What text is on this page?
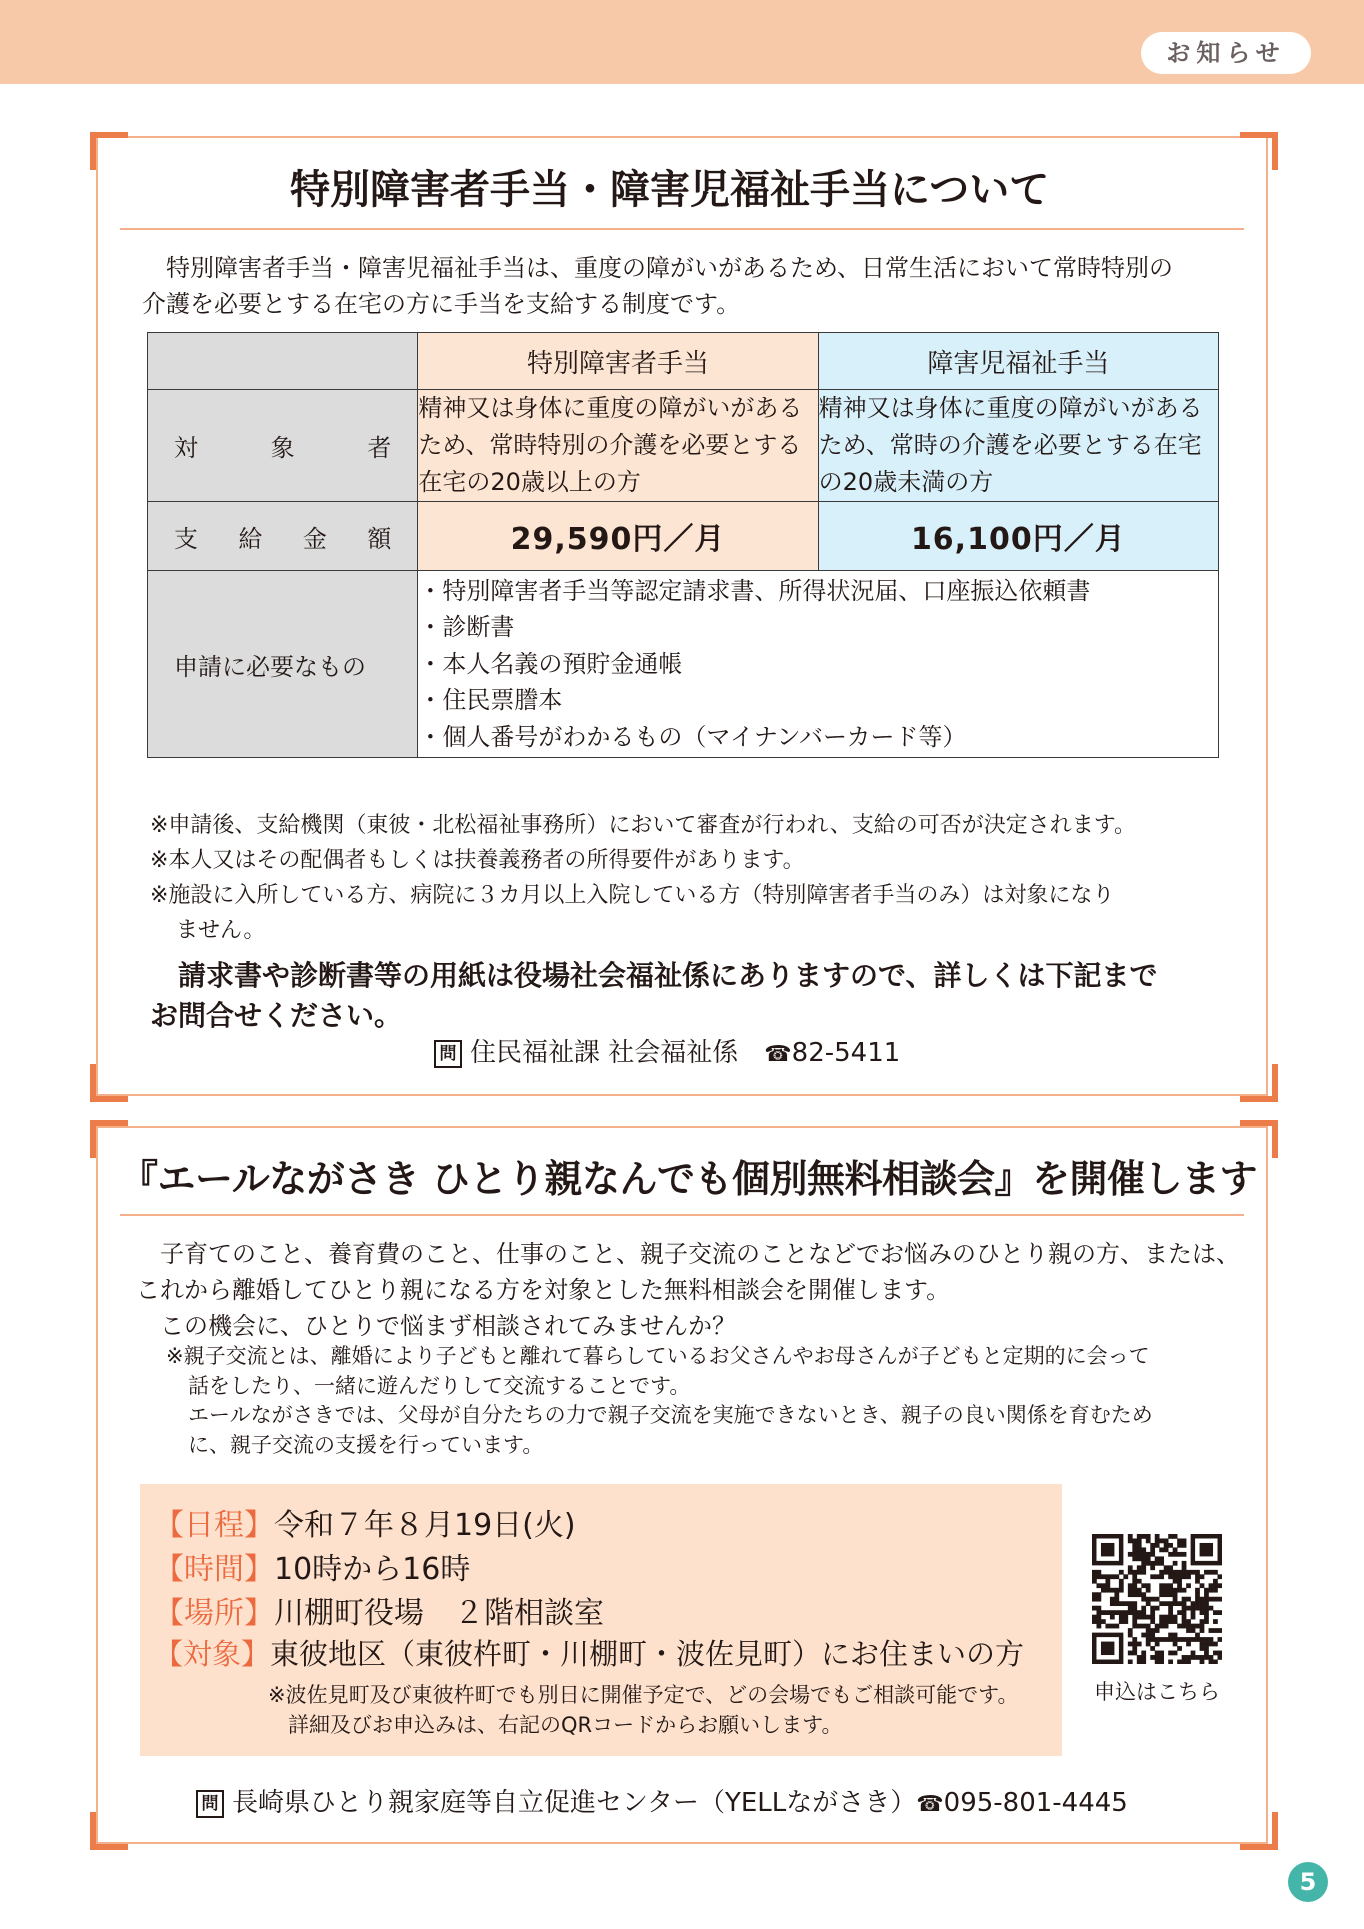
お知らせ
特別障害者手当・障害児福祉手当について
　特別障害者手当・障害児福祉手当は、重度の障がいがあるため、日常生活において常時特別の
介護を必要とする在宅の方に手当を支給する制度です。
	特別障害者手当	障害児福祉手当

対 象 者	精神又は身体に重度の障がいがあるため、常時特別の介護を必要とする在宅の20歳以上の方	精神又は身体に重度の障がいがあるため、常時の介護を必要とする在宅の20歳未満の方

支 給 金 額	29,590円／月	16,100円／月
申請に必要なもの	・特別障害者手当等認定請求書、所得状況届、口座振込依頼書
・診断書
・本人名義の預貯金通帳
・住民票謄本
・個人番号がわかるもの（マイナンバーカード等）	
※申請後、支給機関（東彼・北松福祉事務所）において審査が行われ、支給の可否が決定されます。
※本人又はその配偶者もしくは扶養義務者の所得要件があります。
※施設に入所している方、病院に３カ月以上入院している方（特別障害者手当のみ）は対象になり
ません。
　請求書や診断書等の用紙は役場社会福祉係にありますので、詳しくは下記まで
お問合せください。
問 住民福祉課 社会福祉係　☎82-5411
『エールながさき ひとり親なんでも個別無料相談会』を開催します
　子育てのこと、養育費のこと、仕事のこと、親子交流のことなどでお悩みのひとり親の方、または、
これから離婚してひとり親になる方を対象とした無料相談会を開催します。
　この機会に、ひとりで悩まず相談されてみませんか？
※親子交流とは、離婚により子どもと離れて暮らしているお父さんやお母さんが子どもと定期的に会って
話をしたり、一緒に遊んだりして交流することです。
エールながさきでは、父母が自分たちの力で親子交流を実施できないとき、親子の良い関係を育むため
に、親子交流の支援を行っています。
【日程】令和７年８月19日(火)
【時間】10時から16時
【場所】川棚町役場　２階相談室
【対象】東彼地区（東彼杵町・川棚町・波佐見町）にお住まいの方
※波佐見町及び東彼杵町でも別日に開催予定で、どの会場でもご相談可能です。
詳細及びお申込みは、右記のQRコードからお願いします。
申込はこちら
問 長崎県ひとり親家庭等自立促進センター（YELLながさき）☎095-801-4445
5
